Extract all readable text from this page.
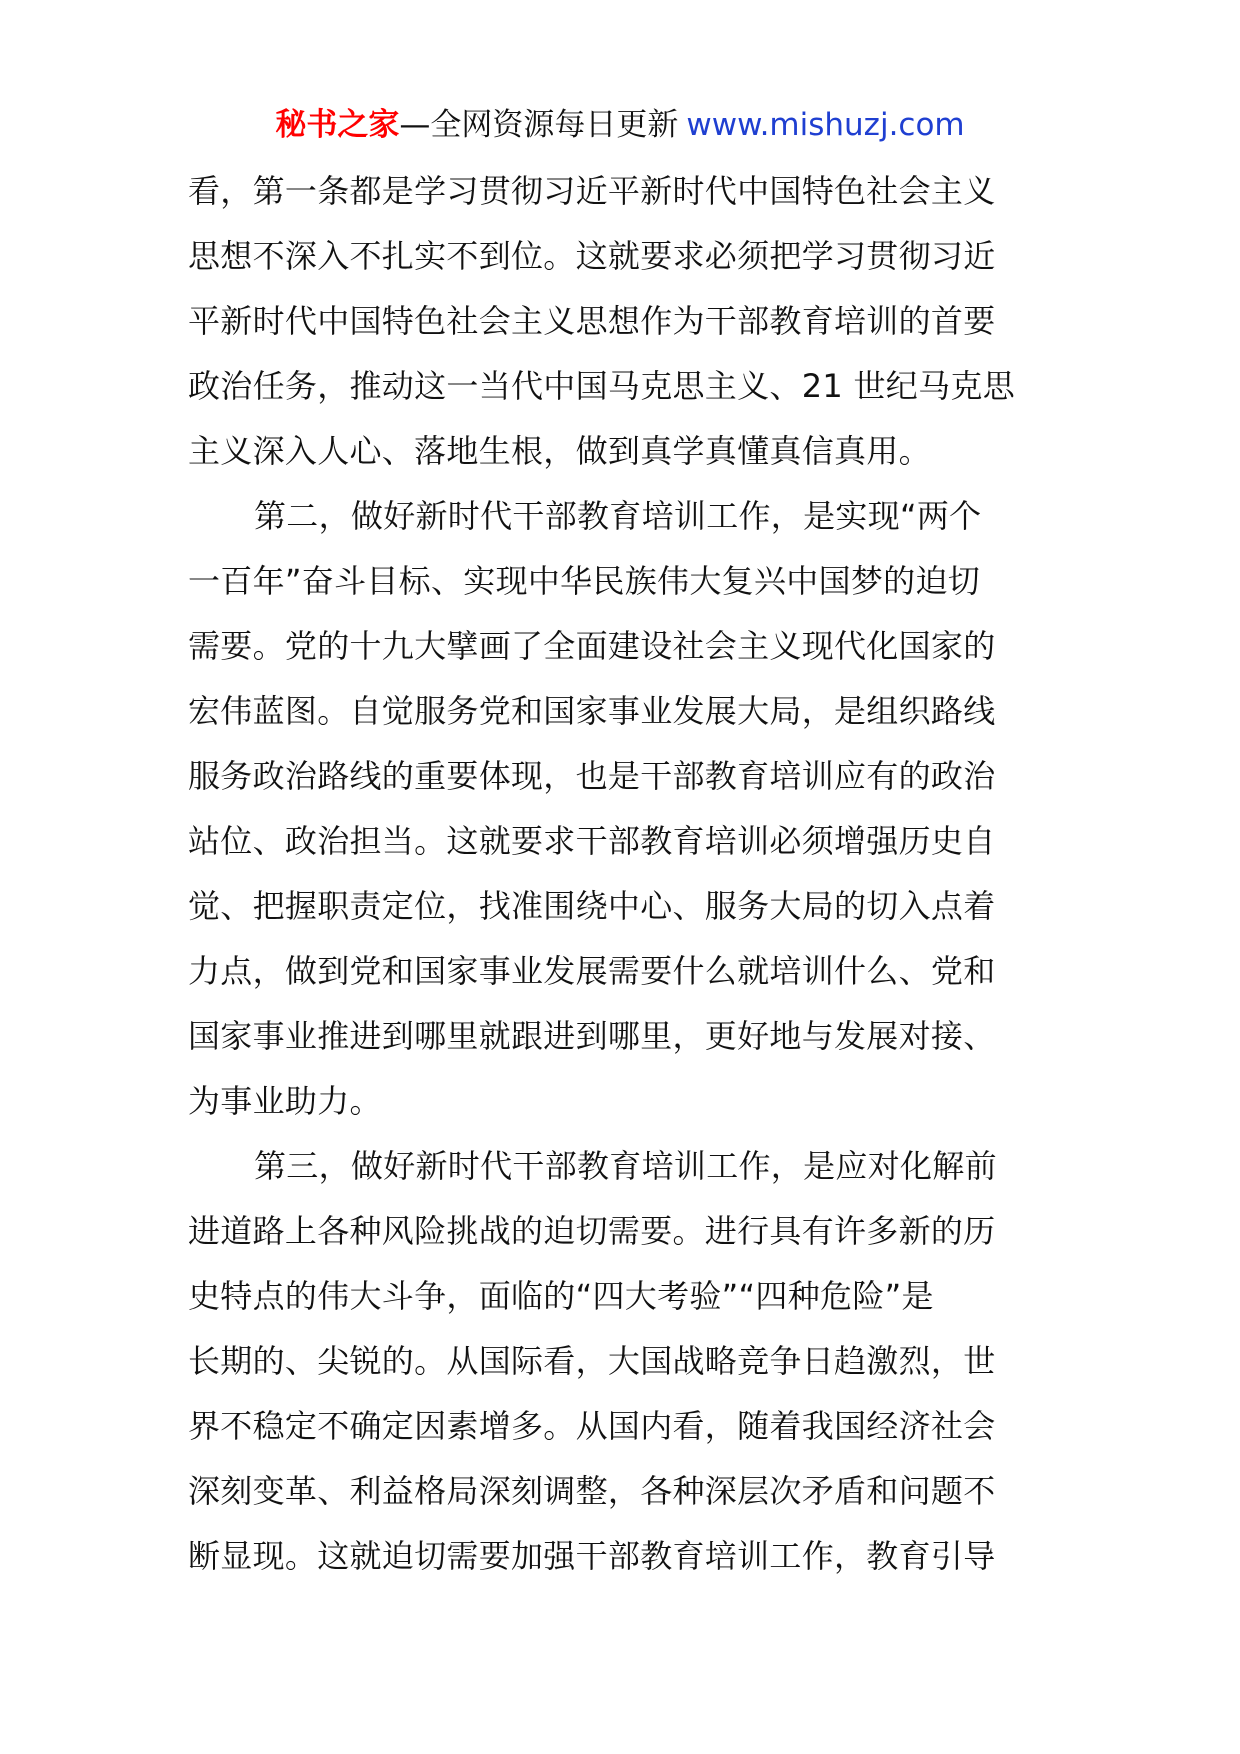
秘书之家—全网资源每日更新 www.mishuzj.com
看，第一条都是学习贯彻习近平新时代中国特色社会主义
思想不深入不扎实不到位。这就要求必须把学习贯彻习近
平新时代中国特色社会主义思想作为干部教育培训的首要
政治任务，推动这一当代中国马克思主义、21 世纪马克思
主义深入人心、落地生根，做到真学真懂真信真用。
第二，做好新时代干部教育培训工作，是实现“两个
一百年”奋斗目标、实现中华民族伟大复兴中国梦的迫切
需要。党的十九大擘画了全面建设社会主义现代化国家的
宏伟蓝图。自觉服务党和国家事业发展大局，是组织路线
服务政治路线的重要体现，也是干部教育培训应有的政治
站位、政治担当。这就要求干部教育培训必须增强历史自
觉、把握职责定位，找准围绕中心、服务大局的切入点着
力点，做到党和国家事业发展需要什么就培训什么、党和
国家事业推进到哪里就跟进到哪里，更好地与发展对接、
为事业助力。
第三，做好新时代干部教育培训工作，是应对化解前
进道路上各种风险挑战的迫切需要。进行具有许多新的历
史特点的伟大斗争，面临的“四大考验”“四种危险”是
长期的、尖锐的。从国际看，大国战略竞争日趋激烈，世
界不稳定不确定因素增多。从国内看，随着我国经济社会
深刻变革、利益格局深刻调整，各种深层次矛盾和问题不
断显现。这就迫切需要加强干部教育培训工作，教育引导
